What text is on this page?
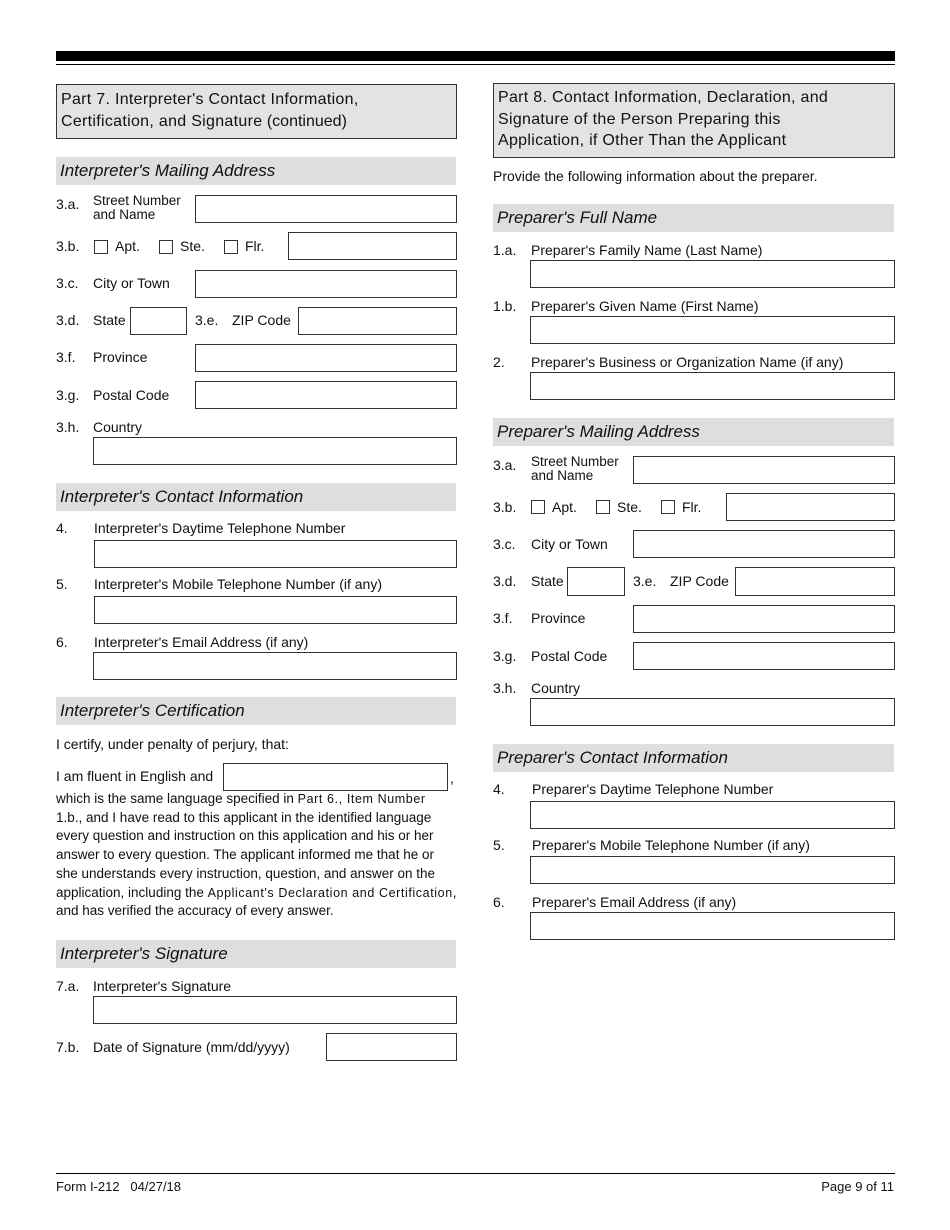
Part 7. Interpreter's Contact Information,
Certification, and Signature (continued)
Interpreter's Mailing Address
3.a. Street Number
and Name
3.b.	Apt.	Ste.	Flr.
3.c. City or Town
3.d. State	3.e. ZIP Code
3.f. Province
3.g. Postal Code
3.h. Country
Interpreter's Contact Information
4. Interpreter's Daytime Telephone Number
5. Interpreter's Mobile Telephone Number (if any)
6. Interpreter's Email Address (if any)
Interpreter's Certification
I certify, under penalty of perjury, that:
I am fluent in English and	,
which is the same language specified in Part 6., Item Number
1.b., and I have read to this applicant in the identified language every question and instruction on this application and his or her answer to every question. The applicant informed me that he or she understands every instruction, question, and answer on the application, including the Applicant's Declaration and Certification, and has verified the accuracy of every answer.
Interpreter's Signature
7.a. Interpreter's Signature
7.b. Date of Signature (mm/dd/yyyy)
Part 8. Contact Information, Declaration, and
Signature of the Person Preparing this
Application, if Other Than the Applicant
Provide the following information about the preparer.
Preparer's Full Name
1.a. Preparer's Family Name (Last Name)
1.b. Preparer's Given Name (First Name)
2. Preparer's Business or Organization Name (if any)
Preparer's Mailing Address
3.a. Street Number
and Name
3.b.	Apt.	Ste.	Flr.
3.c. City or Town
3.d. State	3.e. ZIP Code
3.f. Province
3.g. Postal Code
3.h. Country
Preparer's Contact Information
4. Preparer's Daytime Telephone Number
5. Preparer's Mobile Telephone Number (if any)
6. Preparer's Email Address (if any)
Form I-212   04/27/18	Page 9 of 11
